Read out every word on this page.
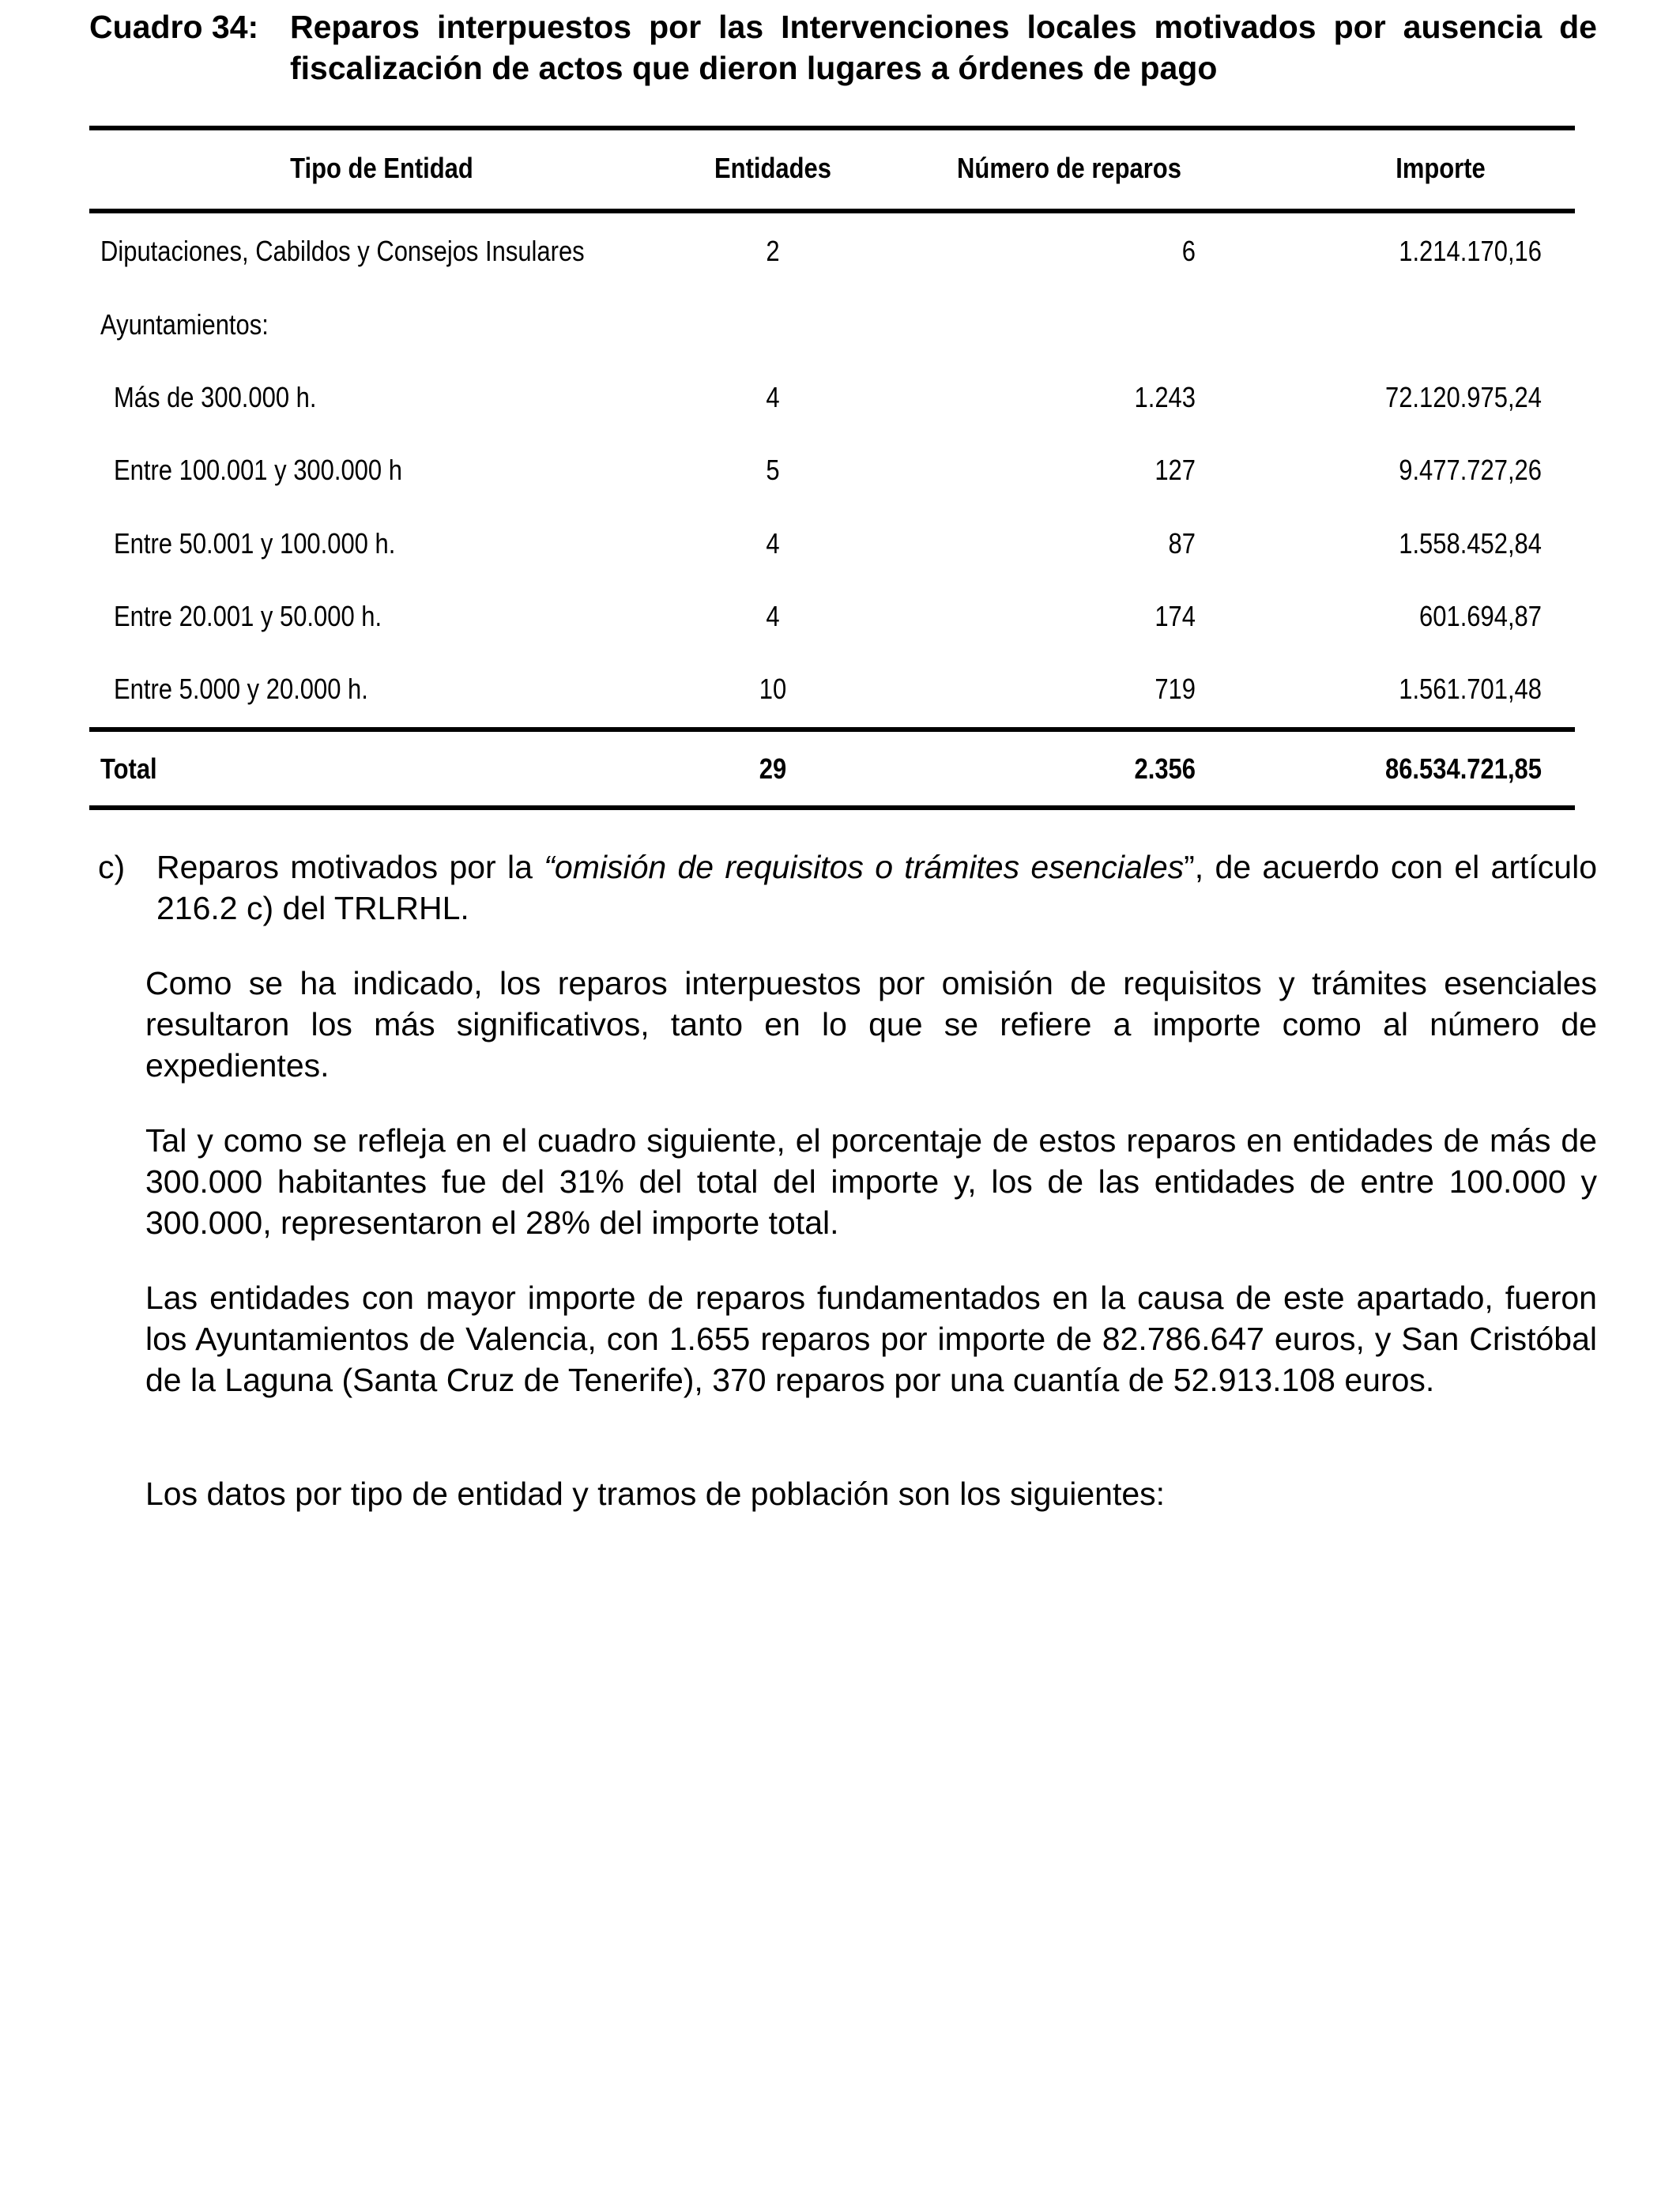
Cuadro 34: Reparos interpuestos por las Intervenciones locales motivados por ausencia de fiscalización de actos que dieron lugares a órdenes de pago
Tipo de Entidad	Entidades	Número de reparos	Importe
Diputaciones, Cabildos y Consejos Insulares	2	6	1.214.170,16
Ayuntamientos:
Más de 300.000 h.	4	1.243	72.120.975,24
Entre 100.001 y 300.000 h	5	127	9.477.727,26
Entre 50.001 y 100.000 h.	4	87	1.558.452,84
Entre 20.001 y 50.000 h.	4	174	601.694,87
Entre 5.000 y 20.000 h.	10	719	1.561.701,48
Total	29	2.356	86.534.721,85
c) Reparos motivados por la “omisión de requisitos o trámites esenciales”, de acuerdo con el artículo 216.2 c) del TRLRHL.
Como se ha indicado, los reparos interpuestos por omisión de requisitos y trámites esenciales resultaron los más significativos, tanto en lo que se refiere a importe como al número de expedientes.
Tal y como se refleja en el cuadro siguiente, el porcentaje de estos reparos en entidades de más de 300.000 habitantes fue del 31% del total del importe y, los de las entidades de entre 100.000 y 300.000, representaron el 28% del importe total.
Las entidades con mayor importe de reparos fundamentados en la causa de este apartado, fueron los Ayuntamientos de Valencia, con 1.655 reparos por importe de 82.786.647 euros, y San Cristóbal de la Laguna (Santa Cruz de Tenerife), 370 reparos por una cuantía de 52.913.108 euros.
Los datos por tipo de entidad y tramos de población son los siguientes:
